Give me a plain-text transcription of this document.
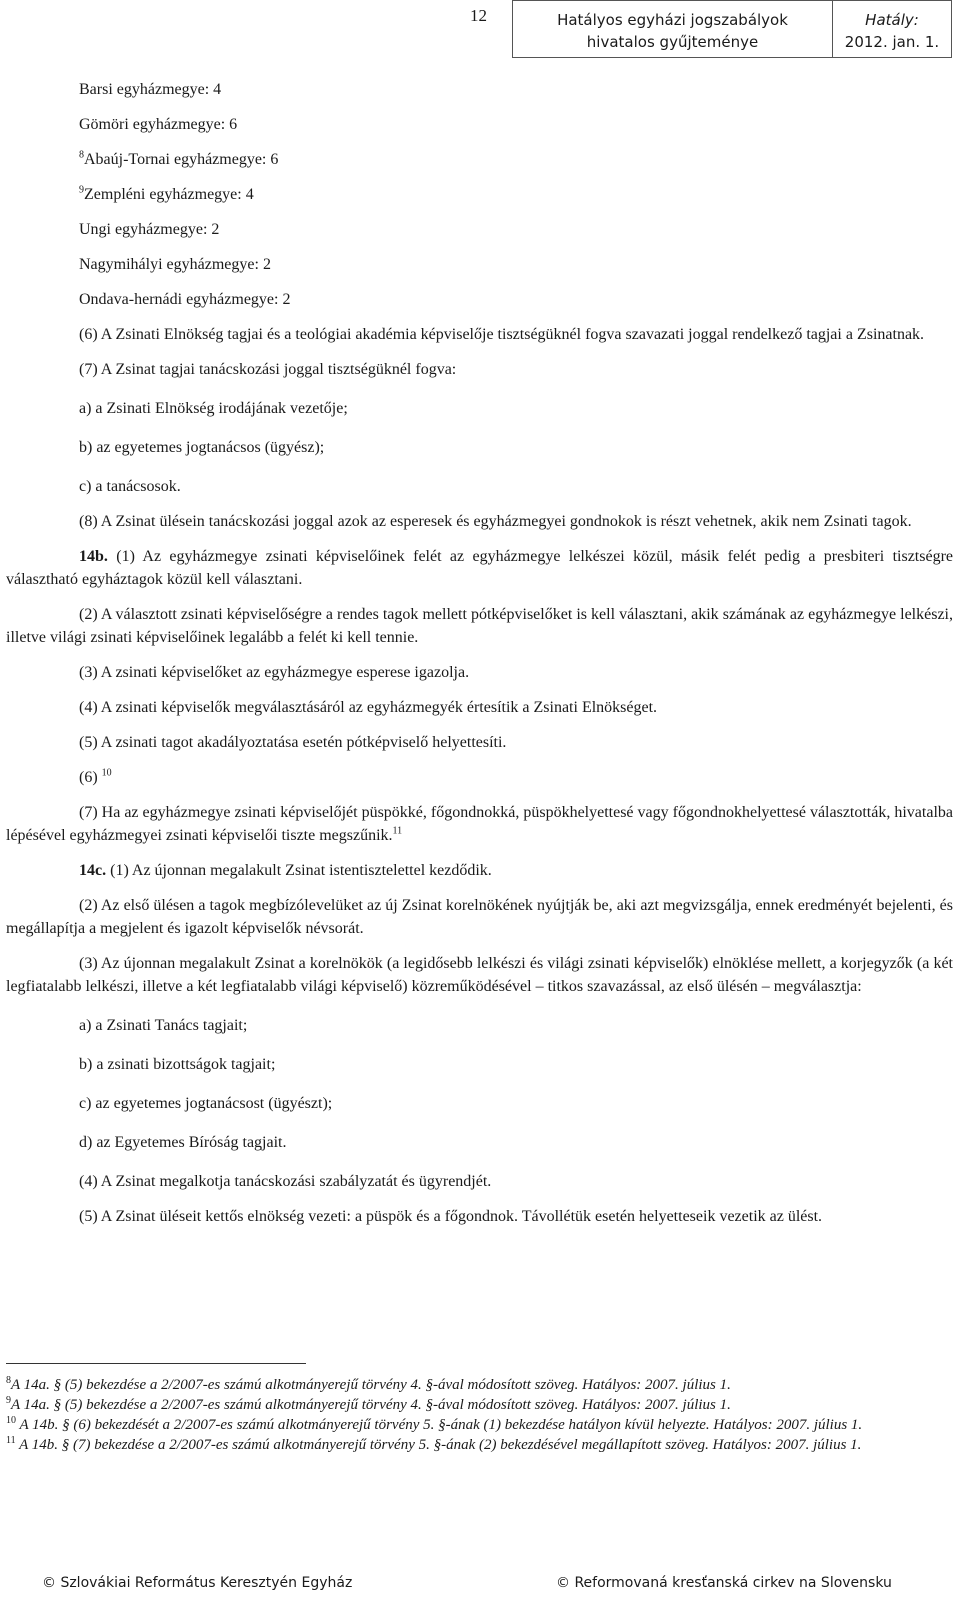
12	Hatályos egyházi jogszabályok
hivatalos gyűjteménye
Hatály:
2012. jan. 1.
Barsi egyházmegye: 4
Gömöri egyházmegye: 6
$^8$Abaúj-Tornai egyházmegye: 6
$^9$Zempléni egyházmegye: 4
Ungi egyházmegye: 2
Nagymihályi egyházmegye: 2
Ondava-hernádi egyházmegye: 2
(6) A Zsinati Elnökség tagjai és a teológiai akadémia képviselője tisztségüknél fogva szavazati joggal rendelkező tagjai a Zsinatnak.
(7) A Zsinat tagjai tanácskozási joggal tisztségüknél fogva:
a) a Zsinati Elnökség irodájának vezetője;
b) az egyetemes jogtanácsos (ügyész);
c) a tanácsosok.
(8) A Zsinat ülésein tanácskozási joggal azok az esperesek és egyházmegyei gondnokok is részt vehetnek, akik nem Zsinati tagok.
14b. (1) Az egyházmegye zsinati képviselőinek felét az egyházmegye lelkészei közül, másik felét pedig a presbiteri tisztségre választható egyháztagok közül kell választani.
(2) A választott zsinati képviselőségre a rendes tagok mellett pótképviselőket is kell választani, akik számának az egyházmegye lelkészi, illetve világi zsinati képviselőinek legalább a felét ki kell tennie.
(3) A zsinati képviselőket az egyházmegye esperese igazolja.
(4) A zsinati képviselők megválasztásáról az egyházmegyék értesítik a Zsinati Elnökséget.
(5) A zsinati tagot akadályoztatása esetén pótképviselő helyettesíti.
(6) $^{10}$
(7) Ha az egyházmegye zsinati képviselőjét püspökké, főgondnokká, püspökhelyettesé vagy főgondnokhelyettesé választották, hivatalba lépésével egyházmegyei zsinati képviselői tiszte megszűnik.$^{11}$
14c. (1) Az újonnan megalakult Zsinat istentisztelettel kezdődik.
(2) Az első ülésen a tagok megbízólevelüket az új Zsinat korelnökének nyújtják be, aki azt megvizsgálja, ennek eredményét bejelenti, és megállapítja a megjelent és igazolt képviselők névsorát.
(3) Az újonnan megalakult Zsinat a korelnökök (a legidősebb lelkészi és világi zsinati képviselők) elnöklése mellett, a korjegyzők (a két legfiatalabb lelkészi, illetve a két legfiatalabb világi képviselő) közreműködésével – titkos szavazással, az első ülésén – megválasztja:
a) a Zsinati Tanács tagjait;
b) a zsinati bizottságok tagjait;
c) az egyetemes jogtanácsost (ügyészt);
d) az Egyetemes Bíróság tagjait.
(4) A Zsinat megalkotja tanácskozási szabályzatát és ügyrendjét.
(5) A Zsinat üléseit kettős elnökség vezeti: a püspök és a főgondnok. Távollétük esetén helyetteseik vezetik az ülést.
$^8$A 14a. § (5) bekezdése a 2/2007-es számú alkotmányerejű törvény 4. §-ával módosított szöveg. Hatályos: 2007. július 1.
$^9$A 14a. § (5) bekezdése a 2/2007-es számú alkotmányerejű törvény 4. §-ával módosított szöveg. Hatályos: 2007. július 1.
$^{10}$ A 14b. § (6) bekezdését a 2/2007-es számú alkotmányerejű törvény 5. §-ának (1) bekezdése hatályon kívül helyezte. Hatályos: 2007. július 1.
$^{11}$ A 14b. § (7) bekezdése a 2/2007-es számú alkotmányerejű törvény 5. §-ának (2) bekezdésével megállapított szöveg. Hatályos: 2007. július 1.
© Szlovákiai Református Keresztyén Egyház	© Reformovaná kresťanská cirkev na Slovensku
